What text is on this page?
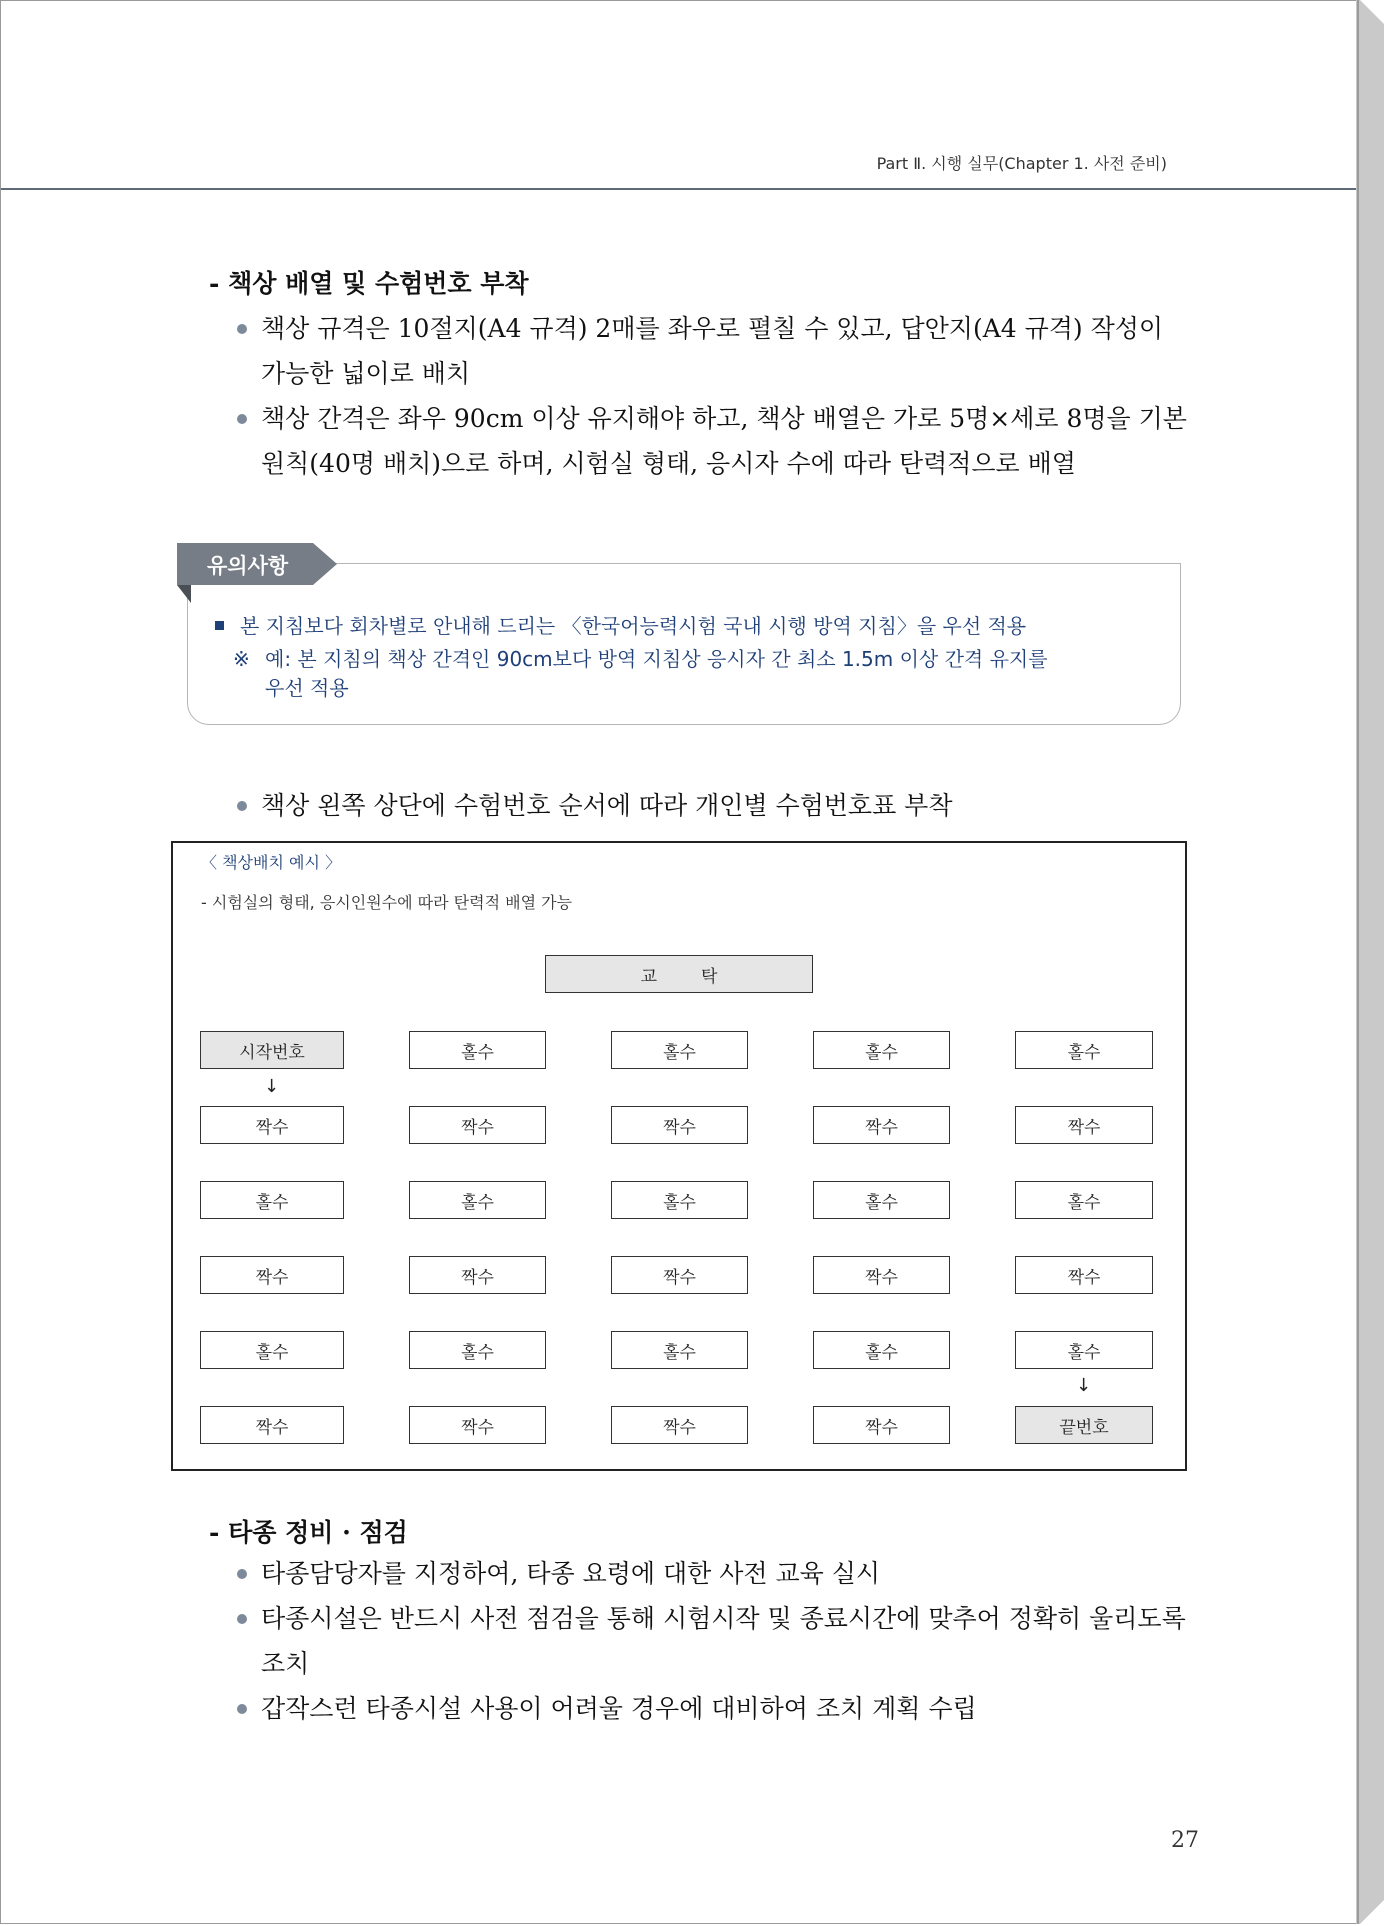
Part Ⅱ. 시행 실무(Chapter 1. 사전 준비)
- 책상 배열 및 수험번호 부착
책상 규격은 10절지(A4 규격) 2매를 좌우로 펼칠 수 있고, 답안지(A4 규격) 작성이
가능한 넓이로 배치
책상 간격은 좌우 90cm 이상 유지해야 하고, 책상 배열은 가로 5명×세로 8명을 기본
원칙(40명 배치)으로 하며, 시험실 형태, 응시자 수에 따라 탄력적으로 배열
유의사항
본 지침보다 회차별로 안내해 드리는 〈한국어능력시험 국내 시행 방역 지침〉을 우선 적용
※ 예: 본 지침의 책상 간격인 90cm보다 방역 지침상 응시자 간 최소 1.5m 이상 간격 유지를
우선 적용
책상 왼쪽 상단에 수험번호 순서에 따라 개인별 수험번호표 부착
〈 책상배치 예시 〉
- 시험실의 형태, 응시인원수에 따라 탄력적 배열 가능
교탁
시작번호	홀수	홀수	홀수	홀수
짝수	짝수	짝수	짝수	짝수
홀수	홀수	홀수	홀수	홀수
짝수	짝수	짝수	짝수	짝수
홀수	홀수	홀수	홀수	홀수
짝수	짝수	짝수	짝수	끝번호
↓
↓
- 타종 정비 · 점검
타종담당자를 지정하여, 타종 요령에 대한 사전 교육 실시
타종시설은 반드시 사전 점검을 통해 시험시작 및 종료시간에 맞추어 정확히 울리도록
조치
갑작스런 타종시설 사용이 어려울 경우에 대비하여 조치 계획 수립
27
